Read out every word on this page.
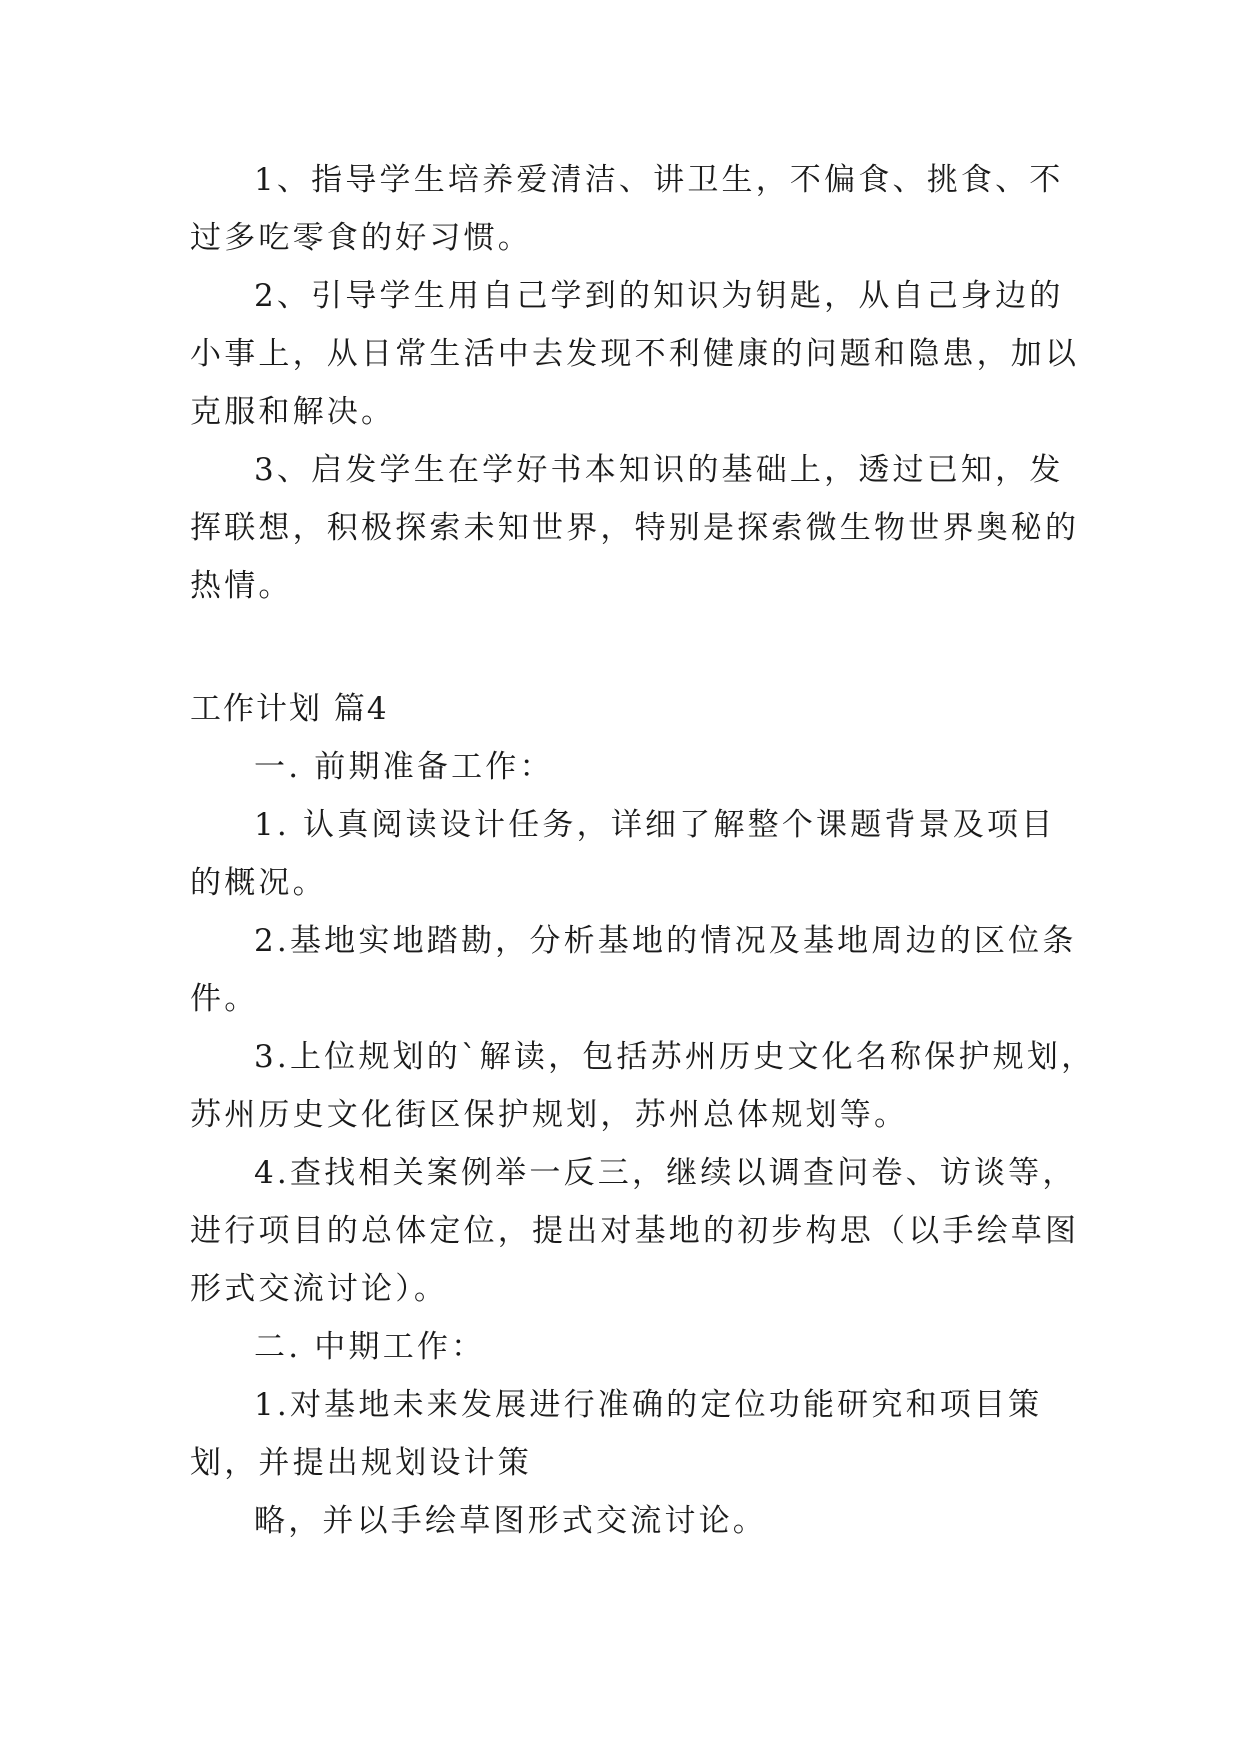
1、指导学生培养爱清洁、讲卫生，不偏食、挑食、不
过多吃零食的好习惯。
2、引导学生用自己学到的知识为钥匙，从自己身边的
小事上，从日常生活中去发现不利健康的问题和隐患，加以
克服和解决。
3、启发学生在学好书本知识的基础上，透过已知，发
挥联想，积极探索未知世界，特别是探索微生物世界奥秘的
热情。
工作计划 篇4
一. 前期准备工作：
1. 认真阅读设计任务，详细了解整个课题背景及项目
的概况。
2.基地实地踏勘，分析基地的情况及基地周边的区位条
件。
3.上位规划的`解读，包括苏州历史文化名称保护规划，
苏州历史文化街区保护规划，苏州总体规划等。
4.查找相关案例举一反三，继续以调查问卷、访谈等，
进行项目的总体定位，提出对基地的初步构思（以手绘草图
形式交流讨论）。
二. 中期工作：
1.对基地未来发展进行准确的定位功能研究和项目策
划，并提出规划设计策
略，并以手绘草图形式交流讨论。
